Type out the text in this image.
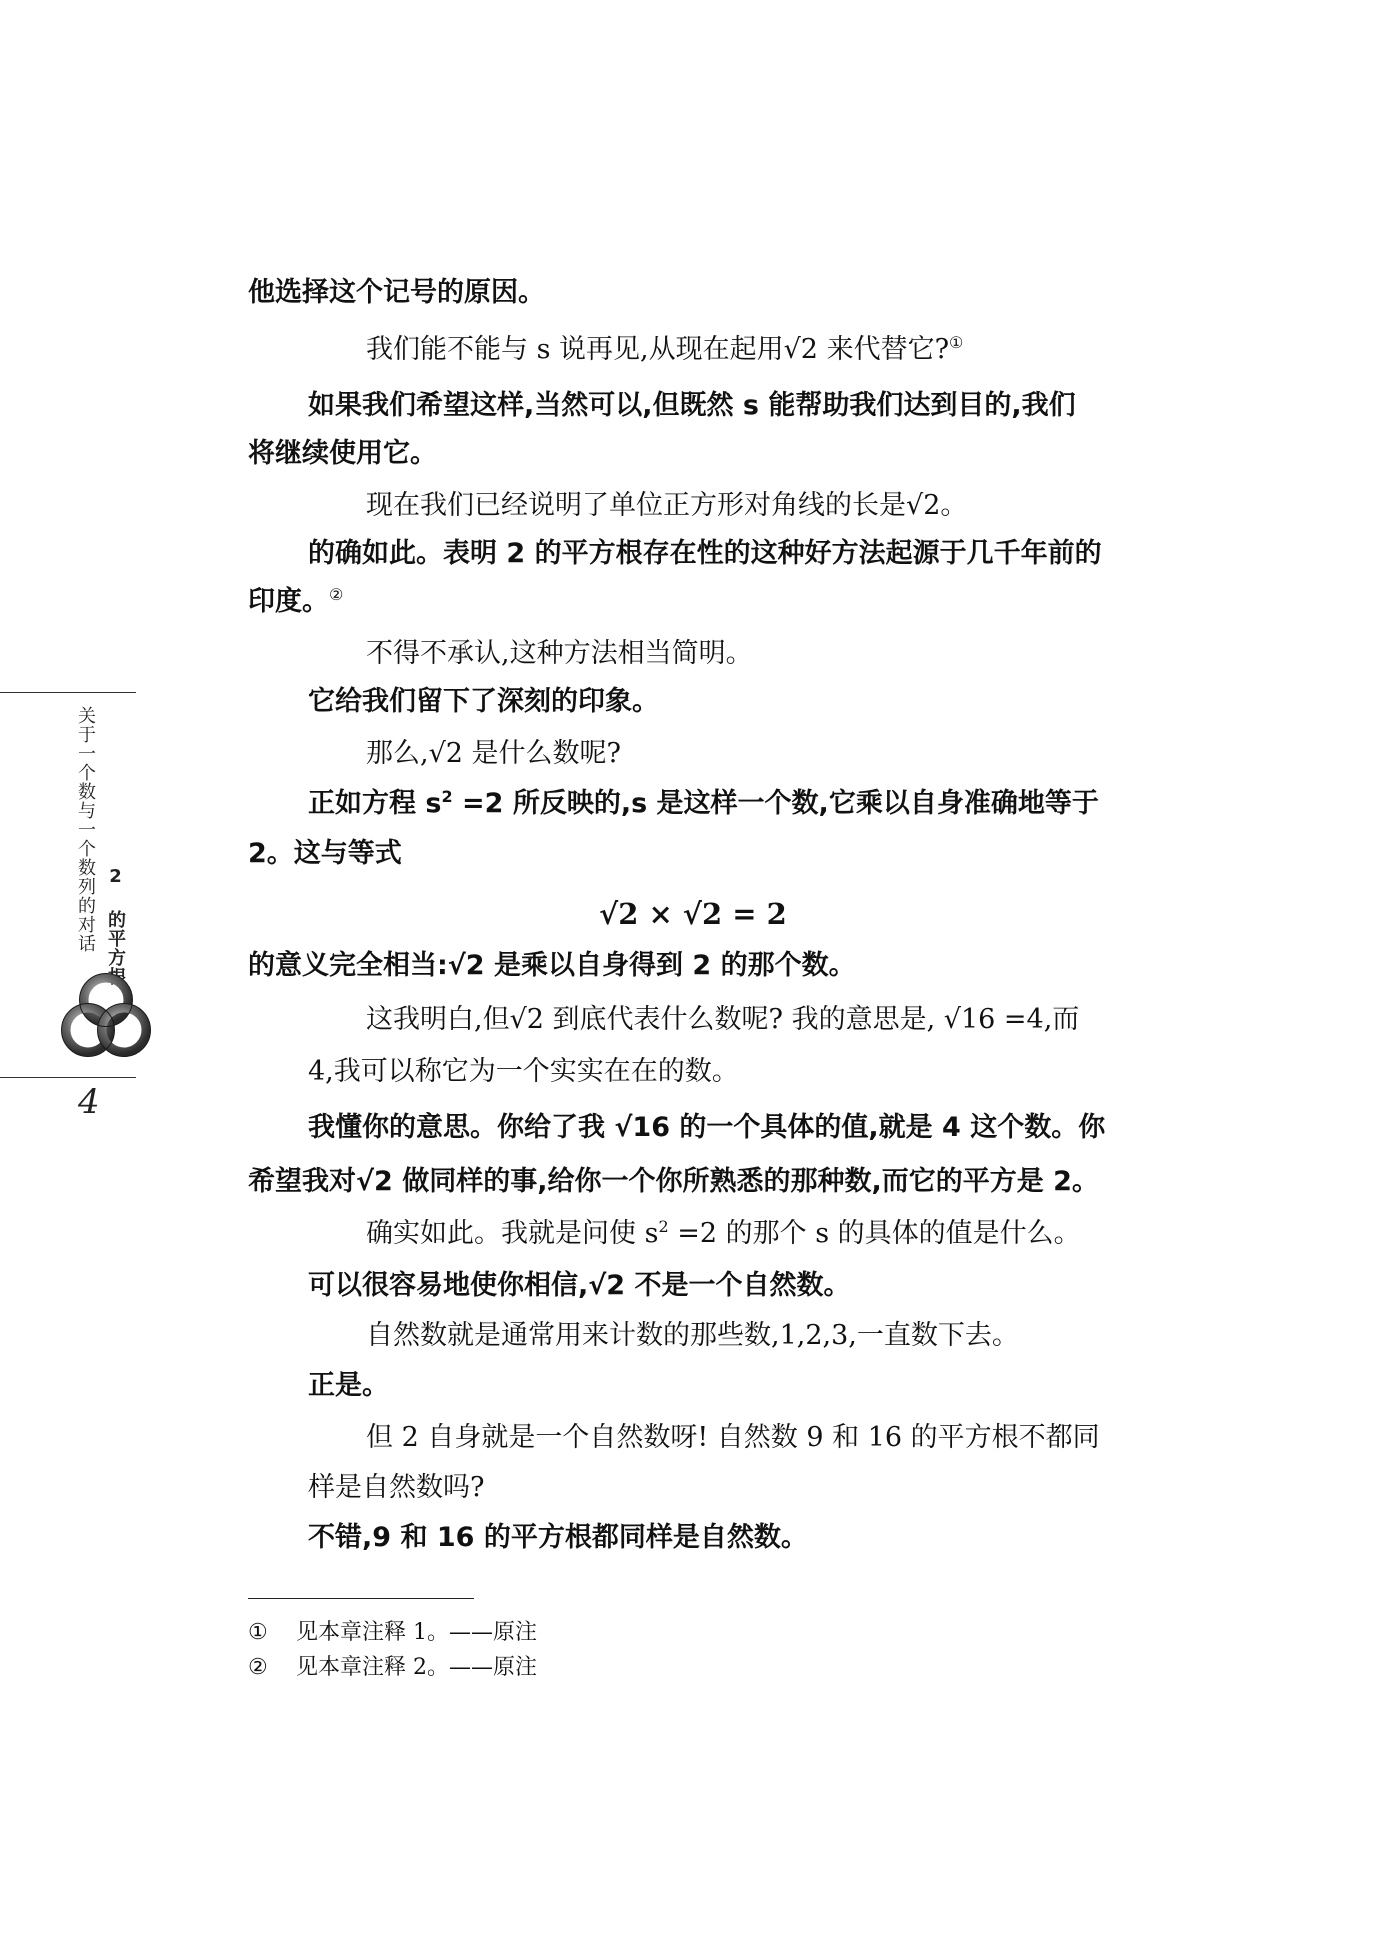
关于一个数与一个数列的对话 2 的平方根
4
他选择这个记号的原因。
我们能不能与 s 说再见,从现在起用√2 来代替它?①
如果我们希望这样,当然可以,但既然 s 能帮助我们达到目的,我们
将继续使用它。
现在我们已经说明了单位正方形对角线的长是√2。
的确如此。表明 2 的平方根存在性的这种好方法起源于几千年前的
印度。②
不得不承认,这种方法相当简明。
它给我们留下了深刻的印象。
那么,√2 是什么数呢?
正如方程 $s^2 =2$ 所反映的,s 是这样一个数,它乘以自身准确地等于
2。这与等式
√2 × √2 = 2
的意义完全相当:√2 是乘以自身得到 2 的那个数。
这我明白,但√2 到底代表什么数呢? 我的意思是, √16 =4,而
4,我可以称它为一个实实在在的数。
我懂你的意思。你给了我 √16 的一个具体的值,就是 4 这个数。你
希望我对√2 做同样的事,给你一个你所熟悉的那种数,而它的平方是 2。
确实如此。我就是问使 $s^2 =2$ 的那个 s 的具体的值是什么。
可以很容易地使你相信,√2 不是一个自然数。
自然数就是通常用来计数的那些数,1,2,3,一直数下去。
正是。
但 2 自身就是一个自然数呀! 自然数 9 和 16 的平方根不都同
样是自然数吗?
不错,9 和 16 的平方根都同样是自然数。
① 见本章注释 1。——原注
② 见本章注释 2。——原注
